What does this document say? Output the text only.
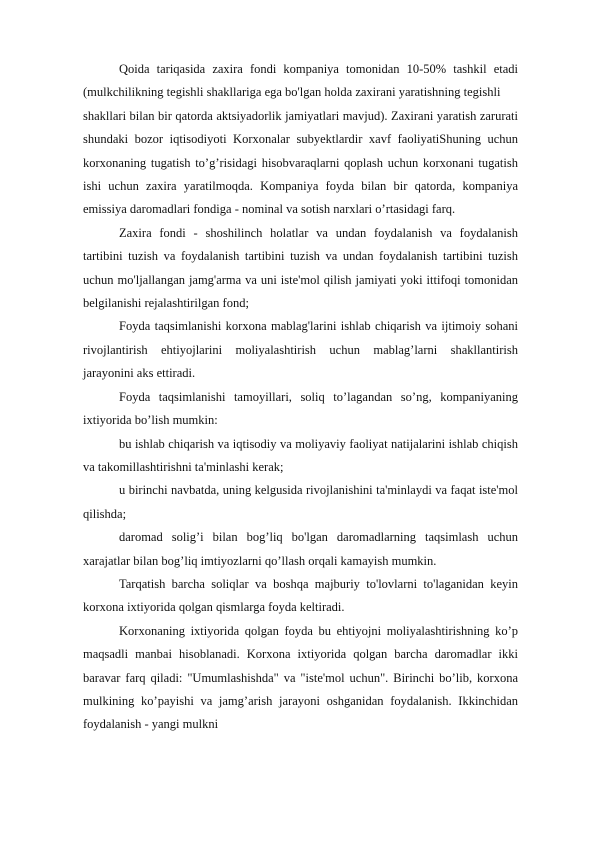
Qoida tariqasida zaxira fondi kompaniya tomonidan 10-50% tashkil etadi (mulkchilikning tegishli shakllariga ega bo'lgan holda zaxirani yaratishning tegishli

shakllari bilan bir qatorda aktsiyadorlik jamiyatlari mavjud). Zaxirani yaratish zarurati shundaki bozor iqtisodiyoti Korxonalar subyektlardir xavf faoliyatiShuning uchun korxonaning tugatish to’g’risidagi hisobvaraqlarni qoplash uchun korxonani tugatish ishi uchun zaxira yaratilmoqda. Kompaniya foyda bilan bir qatorda, kompaniya emissiya daromadlari fondiga - nominal va sotish narxlari o’rtasidagi farq.

Zaxira fondi - shoshilinch holatlar va undan foydalanish va foydalanish tartibini tuzish va foydalanish tartibini tuzish va undan foydalanish tartibini tuzish uchun mo'ljallangan jamg'arma va uni iste'mol qilish jamiyati yoki ittifoqi tomonidan belgilanishi rejalashtirilgan fond;

Foyda taqsimlanishi korxona mablag'larini ishlab chiqarish va ijtimoiy sohani rivojlantirish ehtiyojlarini moliyalashtirish uchun mablag’larni shakllantirish jarayonini aks ettiradi.

Foyda taqsimlanishi tamoyillari, soliq to’lagandan so’ng, kompaniyaning ixtiyorida bo’lish mumkin:

bu ishlab chiqarish va iqtisodiy va moliyaviy faoliyat natijalarini ishlab chiqish va takomillashtirishni ta'minlashi kerak;

u birinchi navbatda, uning kelgusida rivojlanishini ta'minlaydi va faqat iste'mol qilishda;

daromad solig’i bilan bog’liq bo'lgan daromadlarning taqsimlash uchun xarajatlar bilan bog’liq imtiyozlarni qo’llash orqali kamayish mumkin.

Tarqatish barcha soliqlar va boshqa majburiy to'lovlarni to'laganidan keyin korxona ixtiyorida qolgan qismlarga foyda keltiradi.

Korxonaning ixtiyorida qolgan foyda bu ehtiyojni moliyalashtirishning ko’p maqsadli manbai hisoblanadi. Korxona ixtiyorida qolgan barcha daromadlar ikki baravar farq qiladi: "Umumlashishda" va "iste'mol uchun". Birinchi bo’lib, korxona mulkining ko’payishi va jamg’arish jarayoni oshganidan foydalanish. Ikkinchidan foydalanish - yangi mulkni
